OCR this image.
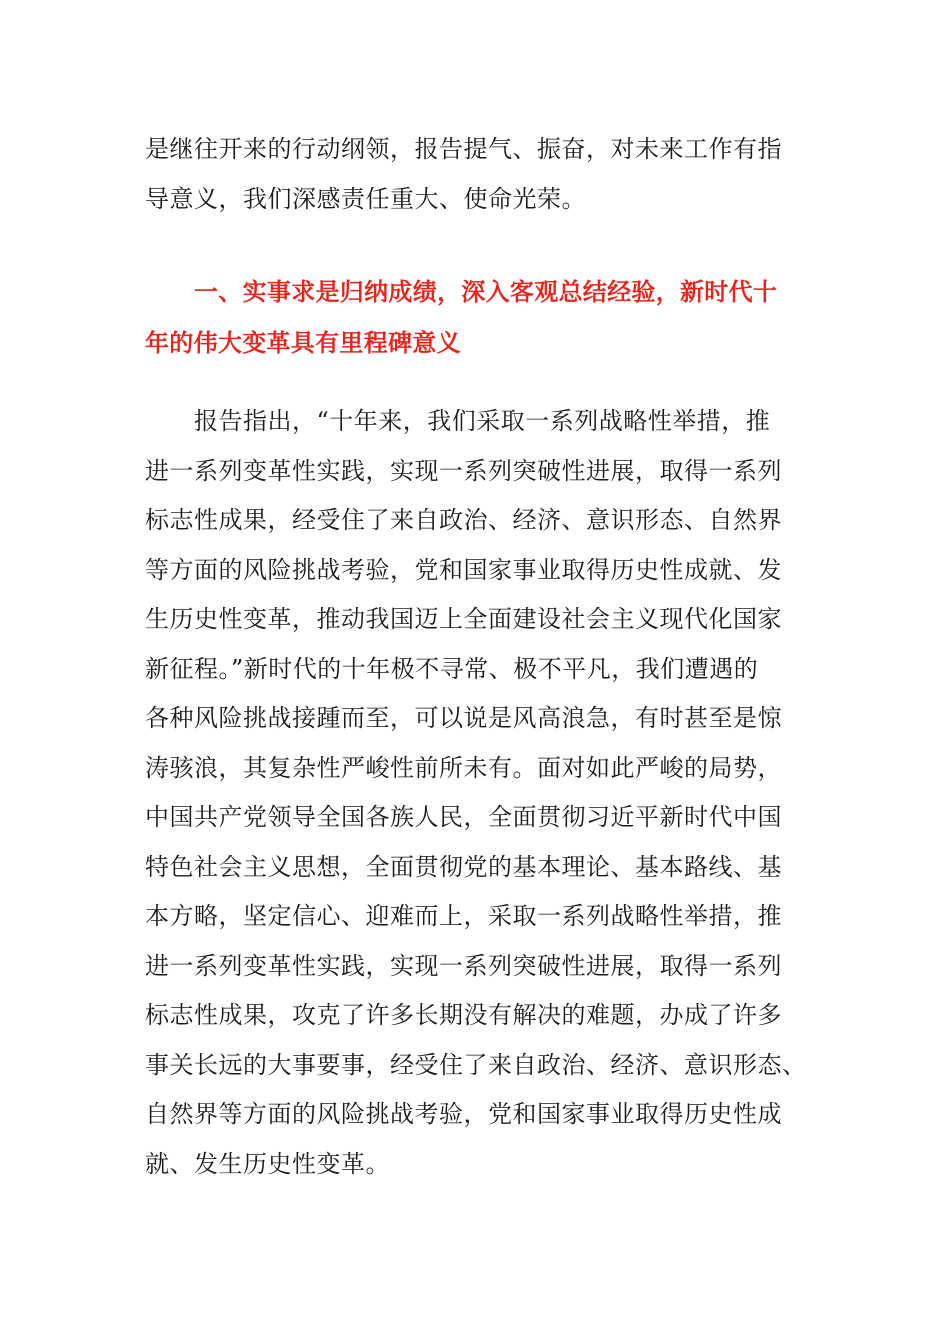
是继往开来的行动纲领，报告提气、振奋，对未来工作有指
导意义，我们深感责任重大、使命光荣。
一、实事求是归纳成绩，深入客观总结经验，新时代十
年的伟大变革具有里程碑意义
报告指出，“十年来，我们采取一系列战略性举措，推
进一系列变革性实践，实现一系列突破性进展，取得一系列
标志性成果，经受住了来自政治、经济、意识形态、自然界
等方面的风险挑战考验，党和国家事业取得历史性成就、发
生历史性变革，推动我国迈上全面建设社会主义现代化国家
新征程。”新时代的十年极不寻常、极不平凡，我们遭遇的
各种风险挑战接踵而至，可以说是风高浪急，有时甚至是惊
涛骇浪，其复杂性严峻性前所未有。面对如此严峻的局势，
中国共产党领导全国各族人民，全面贯彻习近平新时代中国
特色社会主义思想，全面贯彻党的基本理论、基本路线、基
本方略，坚定信心、迎难而上，采取一系列战略性举措，推
进一系列变革性实践，实现一系列突破性进展，取得一系列
标志性成果，攻克了许多长期没有解决的难题，办成了许多
事关长远的大事要事，经受住了来自政治、经济、意识形态、
自然界等方面的风险挑战考验，党和国家事业取得历史性成
就、发生历史性变革。
